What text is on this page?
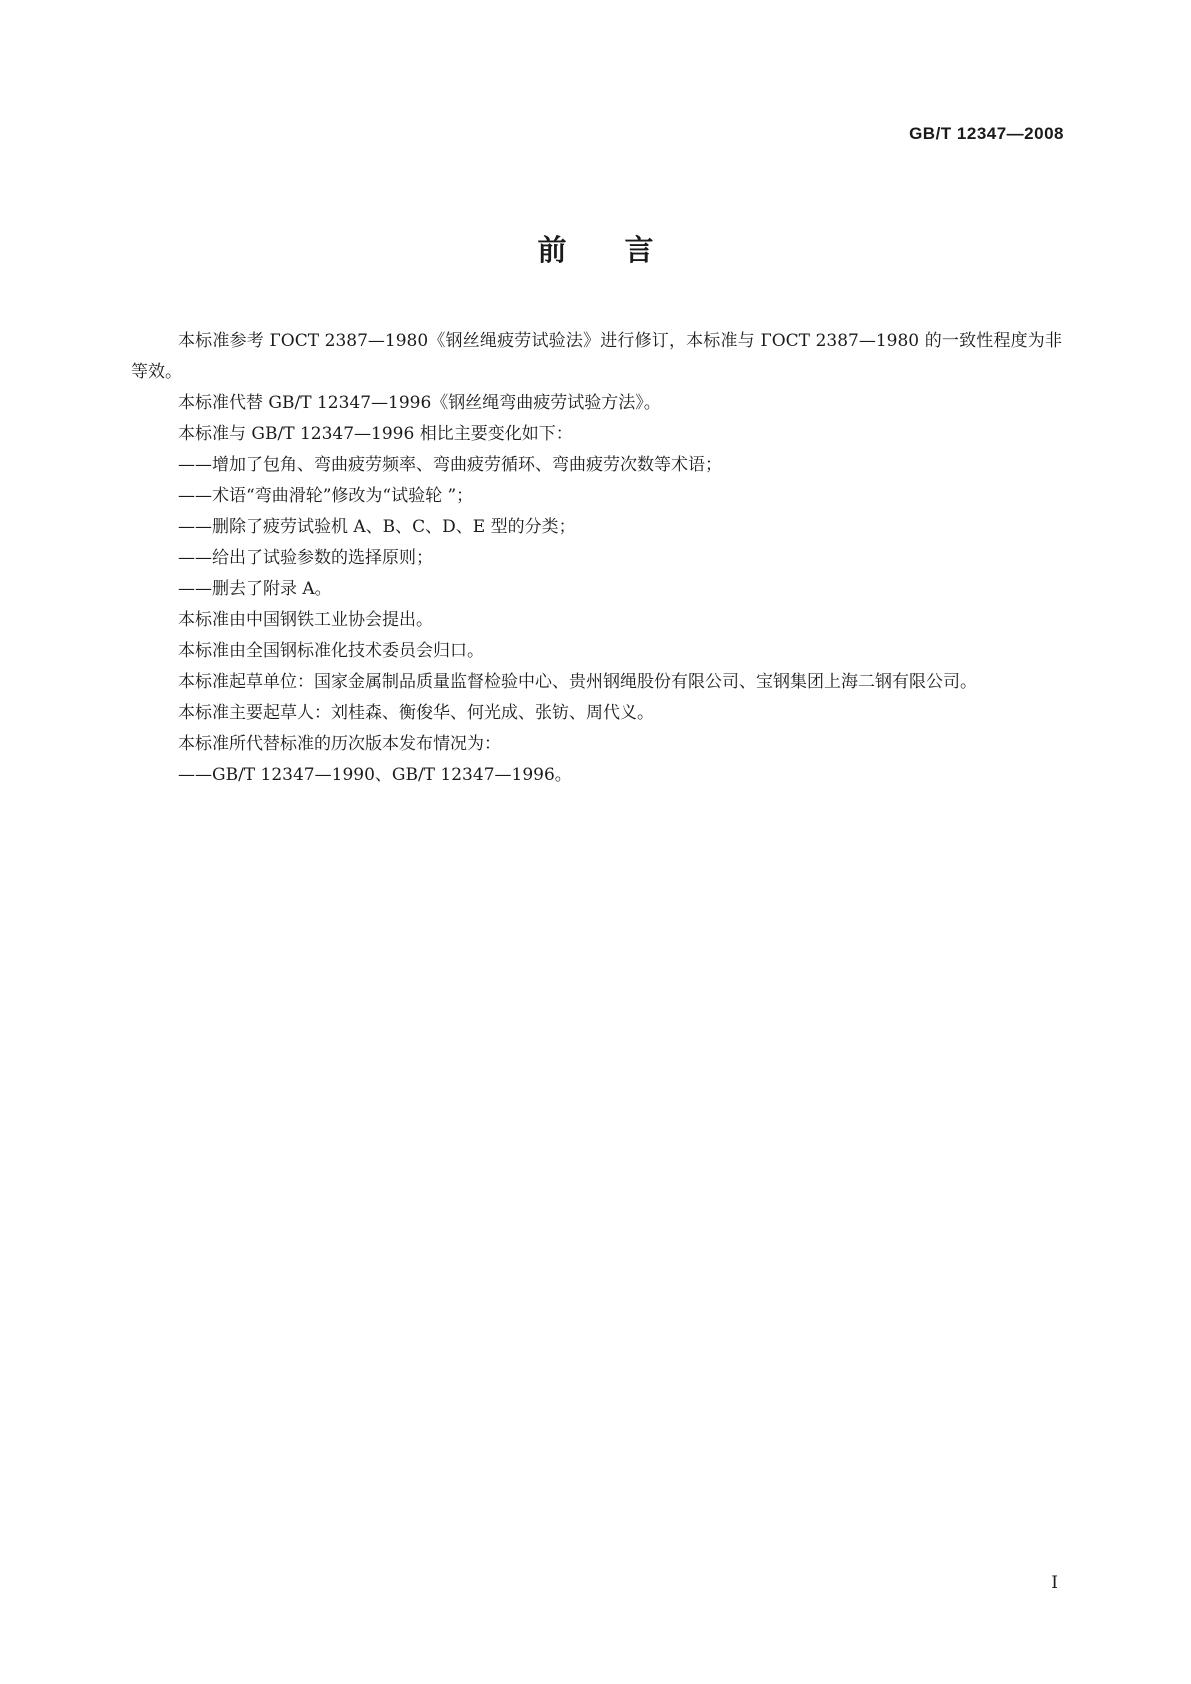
GB/T 12347—2008

前言

本标准参考 ГОСТ 2387—1980《钢丝绳疲劳试验法》进行修订，本标准与 ГОСТ 2387—1980 的一致性程度为非等效。

本标准代替 GB/T 12347—1996《钢丝绳弯曲疲劳试验方法》。

本标准与 GB/T 12347—1996 相比主要变化如下：

——增加了包角、弯曲疲劳频率、弯曲疲劳循环、弯曲疲劳次数等术语；

——术语“弯曲滑轮”修改为“试验轮 ”；

——删除了疲劳试验机 A、B、C、D、E 型的分类；

——给出了试验参数的选择原则；

——删去了附录 A。

本标准由中国钢铁工业协会提出。

本标准由全国钢标准化技术委员会归口。

本标准起草单位：国家金属制品质量监督检验中心、贵州钢绳股份有限公司、宝钢集团上海二钢有限公司。

本标准主要起草人：刘桂森、衡俊华、何光成、张钫、周代义。

本标准所代替标准的历次版本发布情况为：

——GB/T 12347—1990、GB/T 12347—1996。

I
